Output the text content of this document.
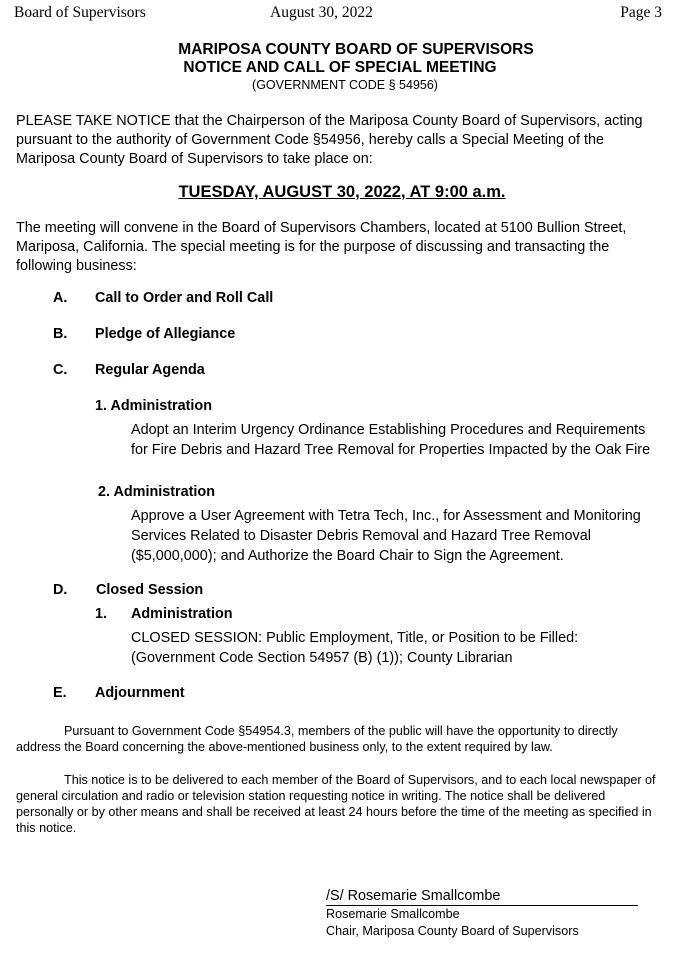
Board of Supervisors	August 30, 2022	Page 3
MARIPOSA COUNTY BOARD OF SUPERVISORS
NOTICE AND CALL OF SPECIAL MEETING
(GOVERNMENT CODE § 54956)
PLEASE TAKE NOTICE that the Chairperson of the Mariposa County Board of Supervisors, acting pursuant to the authority of Government Code §54956, hereby calls a Special Meeting of the Mariposa County Board of Supervisors to take place on:
TUESDAY, AUGUST 30, 2022, AT 9:00 a.m.
The meeting will convene in the Board of Supervisors Chambers, located at 5100 Bullion Street, Mariposa, California. The special meeting is for the purpose of discussing and transacting the following business:
A. Call to Order and Roll Call
B. Pledge of Allegiance
C. Regular Agenda
1. Administration
Adopt an Interim Urgency Ordinance Establishing Procedures and Requirements for Fire Debris and Hazard Tree Removal for Properties Impacted by the Oak Fire
2. Administration
Approve a User Agreement with Tetra Tech, Inc., for Assessment and Monitoring Services Related to Disaster Debris Removal and Hazard Tree Removal ($5,000,000); and Authorize the Board Chair to Sign the Agreement.
D. Closed Session
1. Administration
CLOSED SESSION: Public Employment, Title, or Position to be Filled: (Government Code Section 54957 (B) (1)); County Librarian
E. Adjournment
Pursuant to Government Code §54954.3, members of the public will have the opportunity to directly address the Board concerning the above-mentioned business only, to the extent required by law.
This notice is to be delivered to each member of the Board of Supervisors, and to each local newspaper of general circulation and radio or television station requesting notice in writing. The notice shall be delivered personally or by other means and shall be received at least 24 hours before the time of the meeting as specified in this notice.
/S/ Rosemarie Smallcombe
Rosemarie Smallcombe
Chair, Mariposa County Board of Supervisors
